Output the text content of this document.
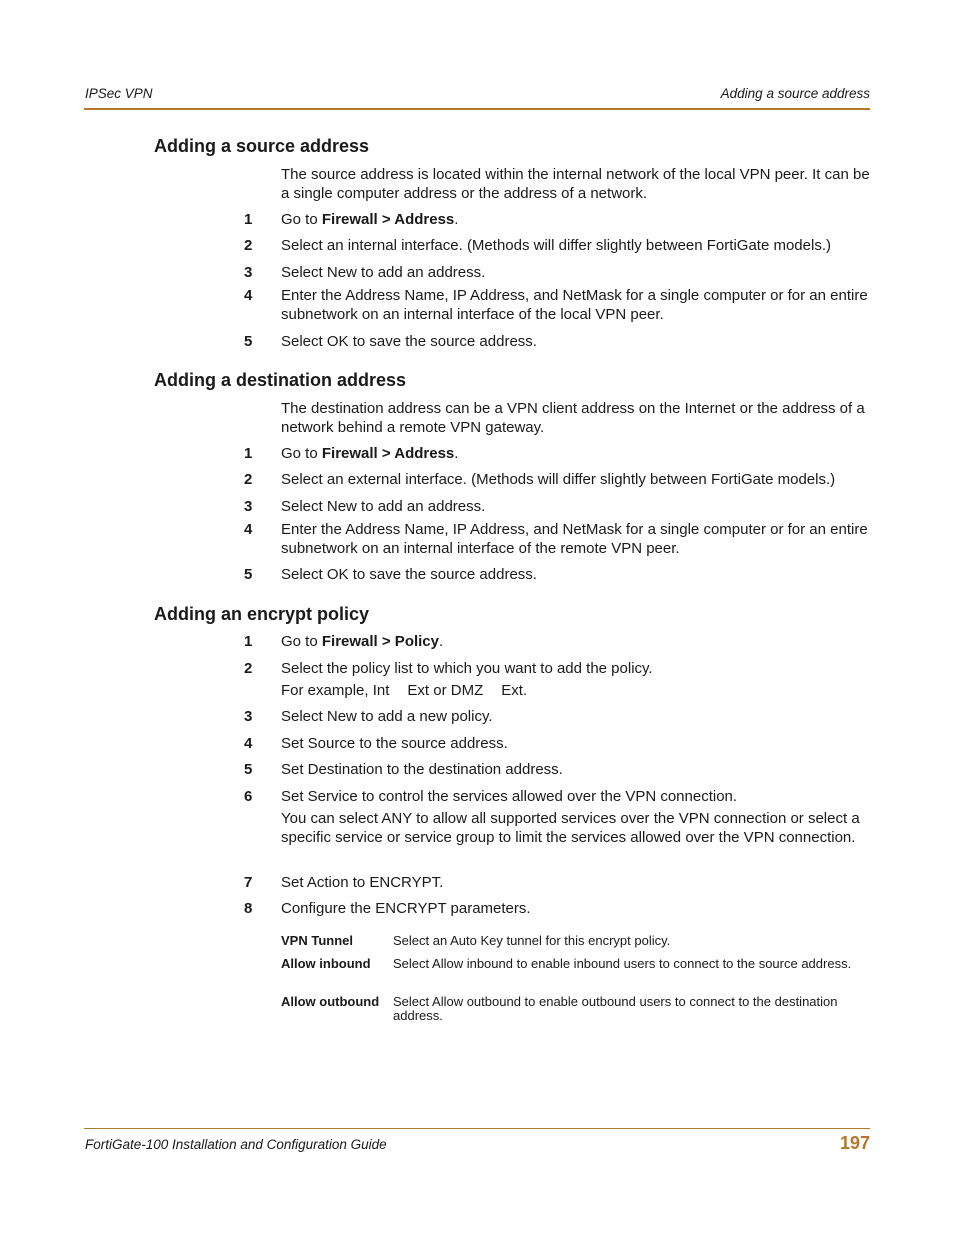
IPSec VPN	Adding a source address
Adding a source address

The source address is located within the internal network of the local VPN peer. It can be a single computer address or the address of a network.

1 Go to Firewall > Address.
2 Select an internal interface. (Methods will differ slightly between FortiGate models.)
3 Select New to add an address.
4 Enter the Address Name, IP Address, and NetMask for a single computer or for an entire subnetwork on an internal interface of the local VPN peer.
5 Select OK to save the source address.
Adding a destination address

The destination address can be a VPN client address on the Internet or the address of a network behind a remote VPN gateway.

1 Go to Firewall > Address.
2 Select an external interface. (Methods will differ slightly between FortiGate models.)
3 Select New to add an address.
4 Enter the Address Name, IP Address, and NetMask for a single computer or for an entire subnetwork on an internal interface of the remote VPN peer.
5 Select OK to save the source address.
Adding an encrypt policy
1 Go to Firewall > Policy.
2 Select the policy list to which you want to add the policy.
For example, Int Ext or DMZ Ext.
3 Select New to add a new policy.
4 Set Source to the source address.
5 Set Destination to the destination address.
6 Set Service to control the services allowed over the VPN connection.
You can select ANY to allow all supported services over the VPN connection or select a specific service or service group to limit the services allowed over the VPN connection.
7 Set Action to ENCRYPT.
8 Configure the ENCRYPT parameters.
VPN Tunnel	Select an Auto Key tunnel for this encrypt policy.
Allow inbound Select Allow inbound to enable inbound users to connect to the source address.
Allow outbound Select Allow outbound to enable outbound users to connect to the destination address.
FortiGate-100 Installation and Configuration Guide	197
